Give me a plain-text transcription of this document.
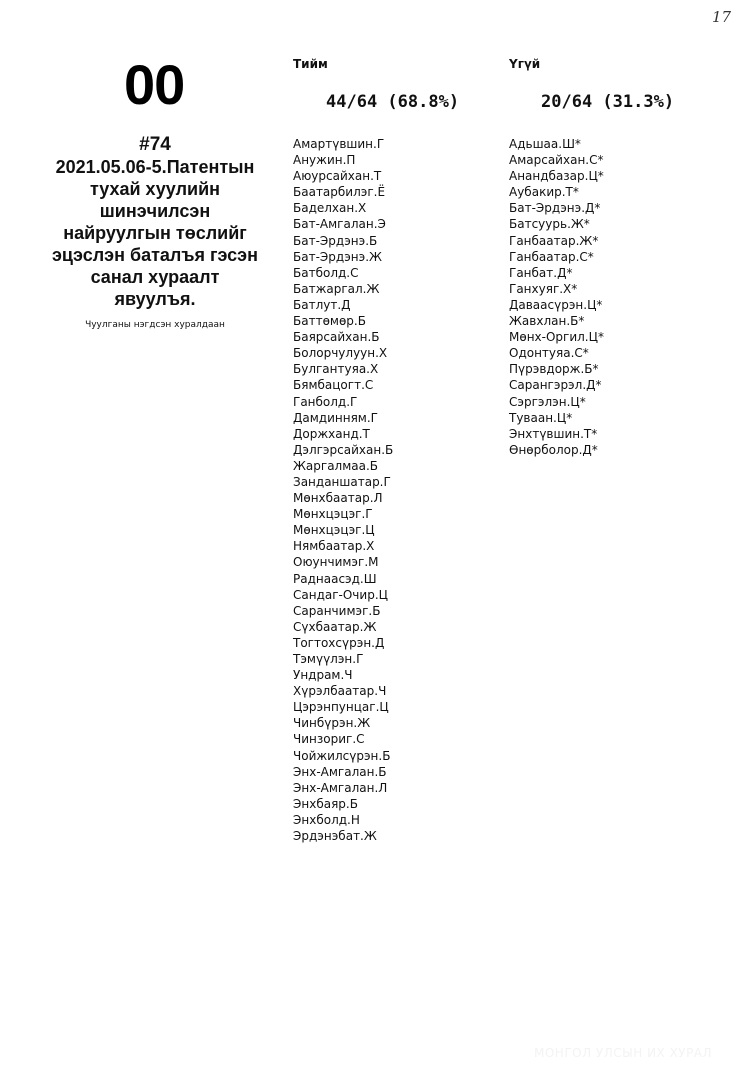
17
00
#74
2021.05.06-5.Патентын
тухай хуулийн шинэчилсэн
найруулгын төслийг
эцэслэн баталъя гэсэн
санал хураалт явуулъя.
Чуулганы нэгдсэн хуралдаан
Тийм
44/64 (68.8%)
Амартүвшин.Г
Анужин.П
Аюурсайхан.Т
Баатарбилэг.Ё
Баделхан.Х
Бат-Амгалан.Э
Бат-Эрдэнэ.Б
Бат-Эрдэнэ.Ж
Батболд.С
Батжаргал.Ж
Батлут.Д
Баттөмөр.Б
Баярсайхан.Б
Болорчулуун.Х
Булгантуяа.Х
Бямбацогт.С
Ганболд.Г
Дамдинням.Г
Доржханд.Т
Дэлгэрсайхан.Б
Жаргалмаа.Б
Занданшатар.Г
Мөнхбаатар.Л
Мөнхцэцэг.Г
Мөнхцэцэг.Ц
Нямбаатар.Х
Оюунчимэг.М
Раднаасэд.Ш
Сандаг-Очир.Ц
Саранчимэг.Б
Сүхбаатар.Ж
Тогтохсүрэн.Д
Тэмүүлэн.Г
Ундрам.Ч
Хүрэлбаатар.Ч
Цэрэнпунцаг.Ц
Чинбүрэн.Ж
Чинзориг.С
Чойжилсүрэн.Б
Энх-Амгалан.Б
Энх-Амгалан.Л
Энхбаяр.Б
Энхболд.Н
Эрдэнэбат.Ж
Үгүй
20/64 (31.3%)
Адьшаа.Ш*
Амарсайхан.С*
Анандбазар.Ц*
Аубакир.Т*
Бат-Эрдэнэ.Д*
Батсуурь.Ж*
Ганбаатар.Ж*
Ганбаатар.С*
Ганбат.Д*
Ганхуяг.Х*
Даваасүрэн.Ц*
Жавхлан.Б*
Мөнх-Оргил.Ц*
Одонтуяа.С*
Пүрэвдорж.Б*
Сарангэрэл.Д*
Сэргэлэн.Ц*
Туваан.Ц*
Энхтүвшин.Т*
Өнөрболор.Д*
МОНГОЛ УЛСЫН ИХ ХУРАЛ
